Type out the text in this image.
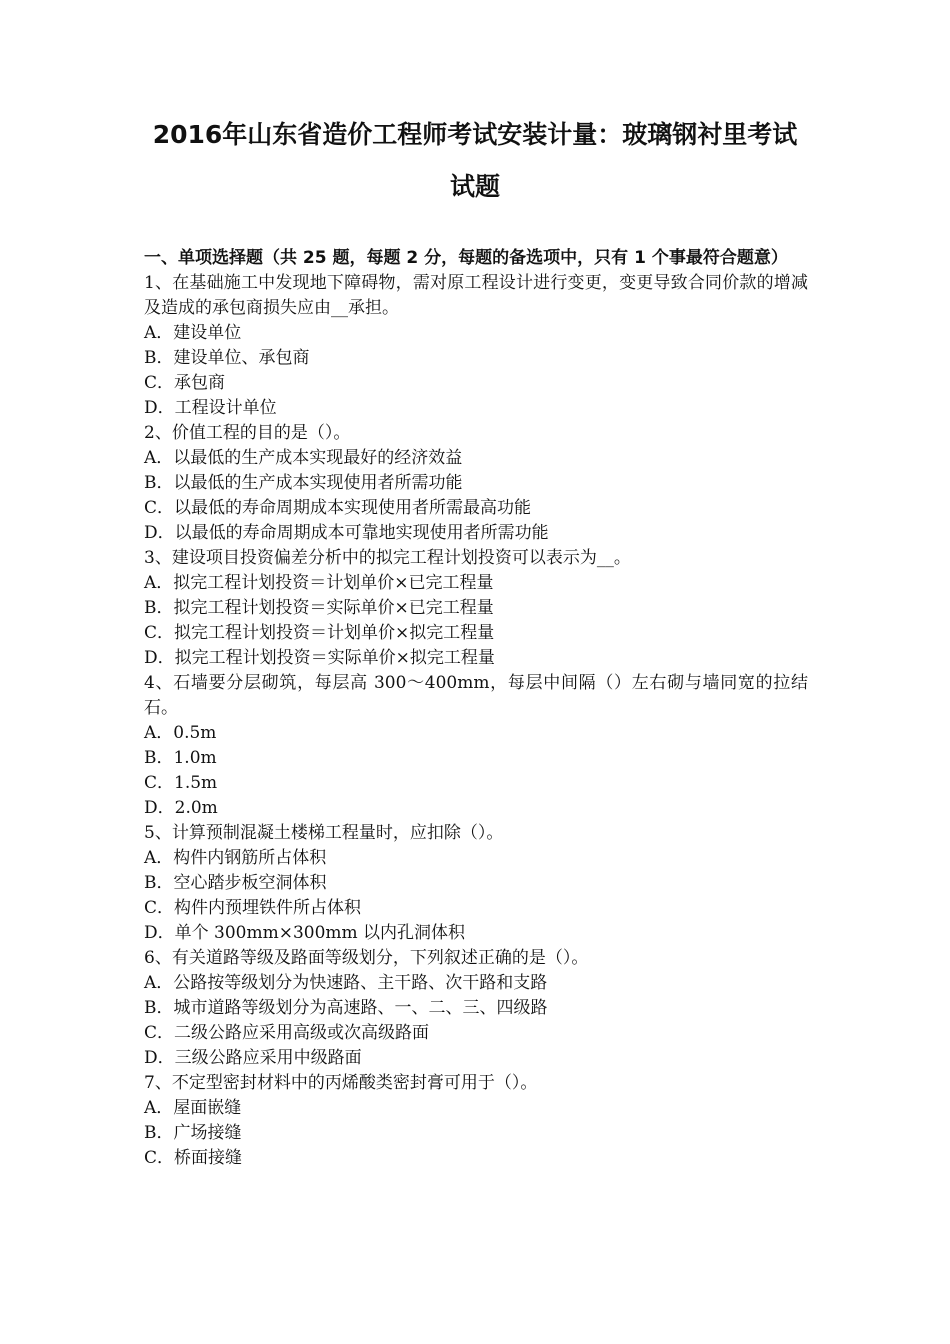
2016年山东省造价工程师考试安装计量：玻璃钢衬里考试
试题

一、单项选择题（共 25 题，每题 2 分，每题的备选项中，只有 1 个事最符合题意）

1、在基础施工中发现地下障碍物，需对原工程设计进行变更，变更导致合同价款的增减及造成的承包商损失应由__承担。

A．建设单位

B．建设单位、承包商

C．承包商

D．工程设计单位

2、价值工程的目的是（）。

A．以最低的生产成本实现最好的经济效益

B．以最低的生产成本实现使用者所需功能

C．以最低的寿命周期成本实现使用者所需最高功能

D．以最低的寿命周期成本可靠地实现使用者所需功能

3、建设项目投资偏差分析中的拟完工程计划投资可以表示为__。

A．拟完工程计划投资＝计划单价×已完工程量

B．拟完工程计划投资＝实际单价×已完工程量

C．拟完工程计划投资＝计划单价×拟完工程量

D．拟完工程计划投资＝实际单价×拟完工程量

4、石墙要分层砌筑，每层高 300～400mm，每层中间隔（）左右砌与墙同宽的拉结石。

A．0.5m

B．1.0m

C．1.5m

D．2.0m

5、计算预制混凝土楼梯工程量时，应扣除（）。

A．构件内钢筋所占体积

B．空心踏步板空洞体积

C．构件内预埋铁件所占体积

D．单个 300mm×300mm 以内孔洞体积

6、有关道路等级及路面等级划分，下列叙述正确的是（）。

A．公路按等级划分为快速路、主干路、次干路和支路

B．城市道路等级划分为高速路、一、二、三、四级路

C．二级公路应采用高级或次高级路面

D．三级公路应采用中级路面

7、不定型密封材料中的丙烯酸类密封膏可用于（）。

A．屋面嵌缝

B．广场接缝

C．桥面接缝
